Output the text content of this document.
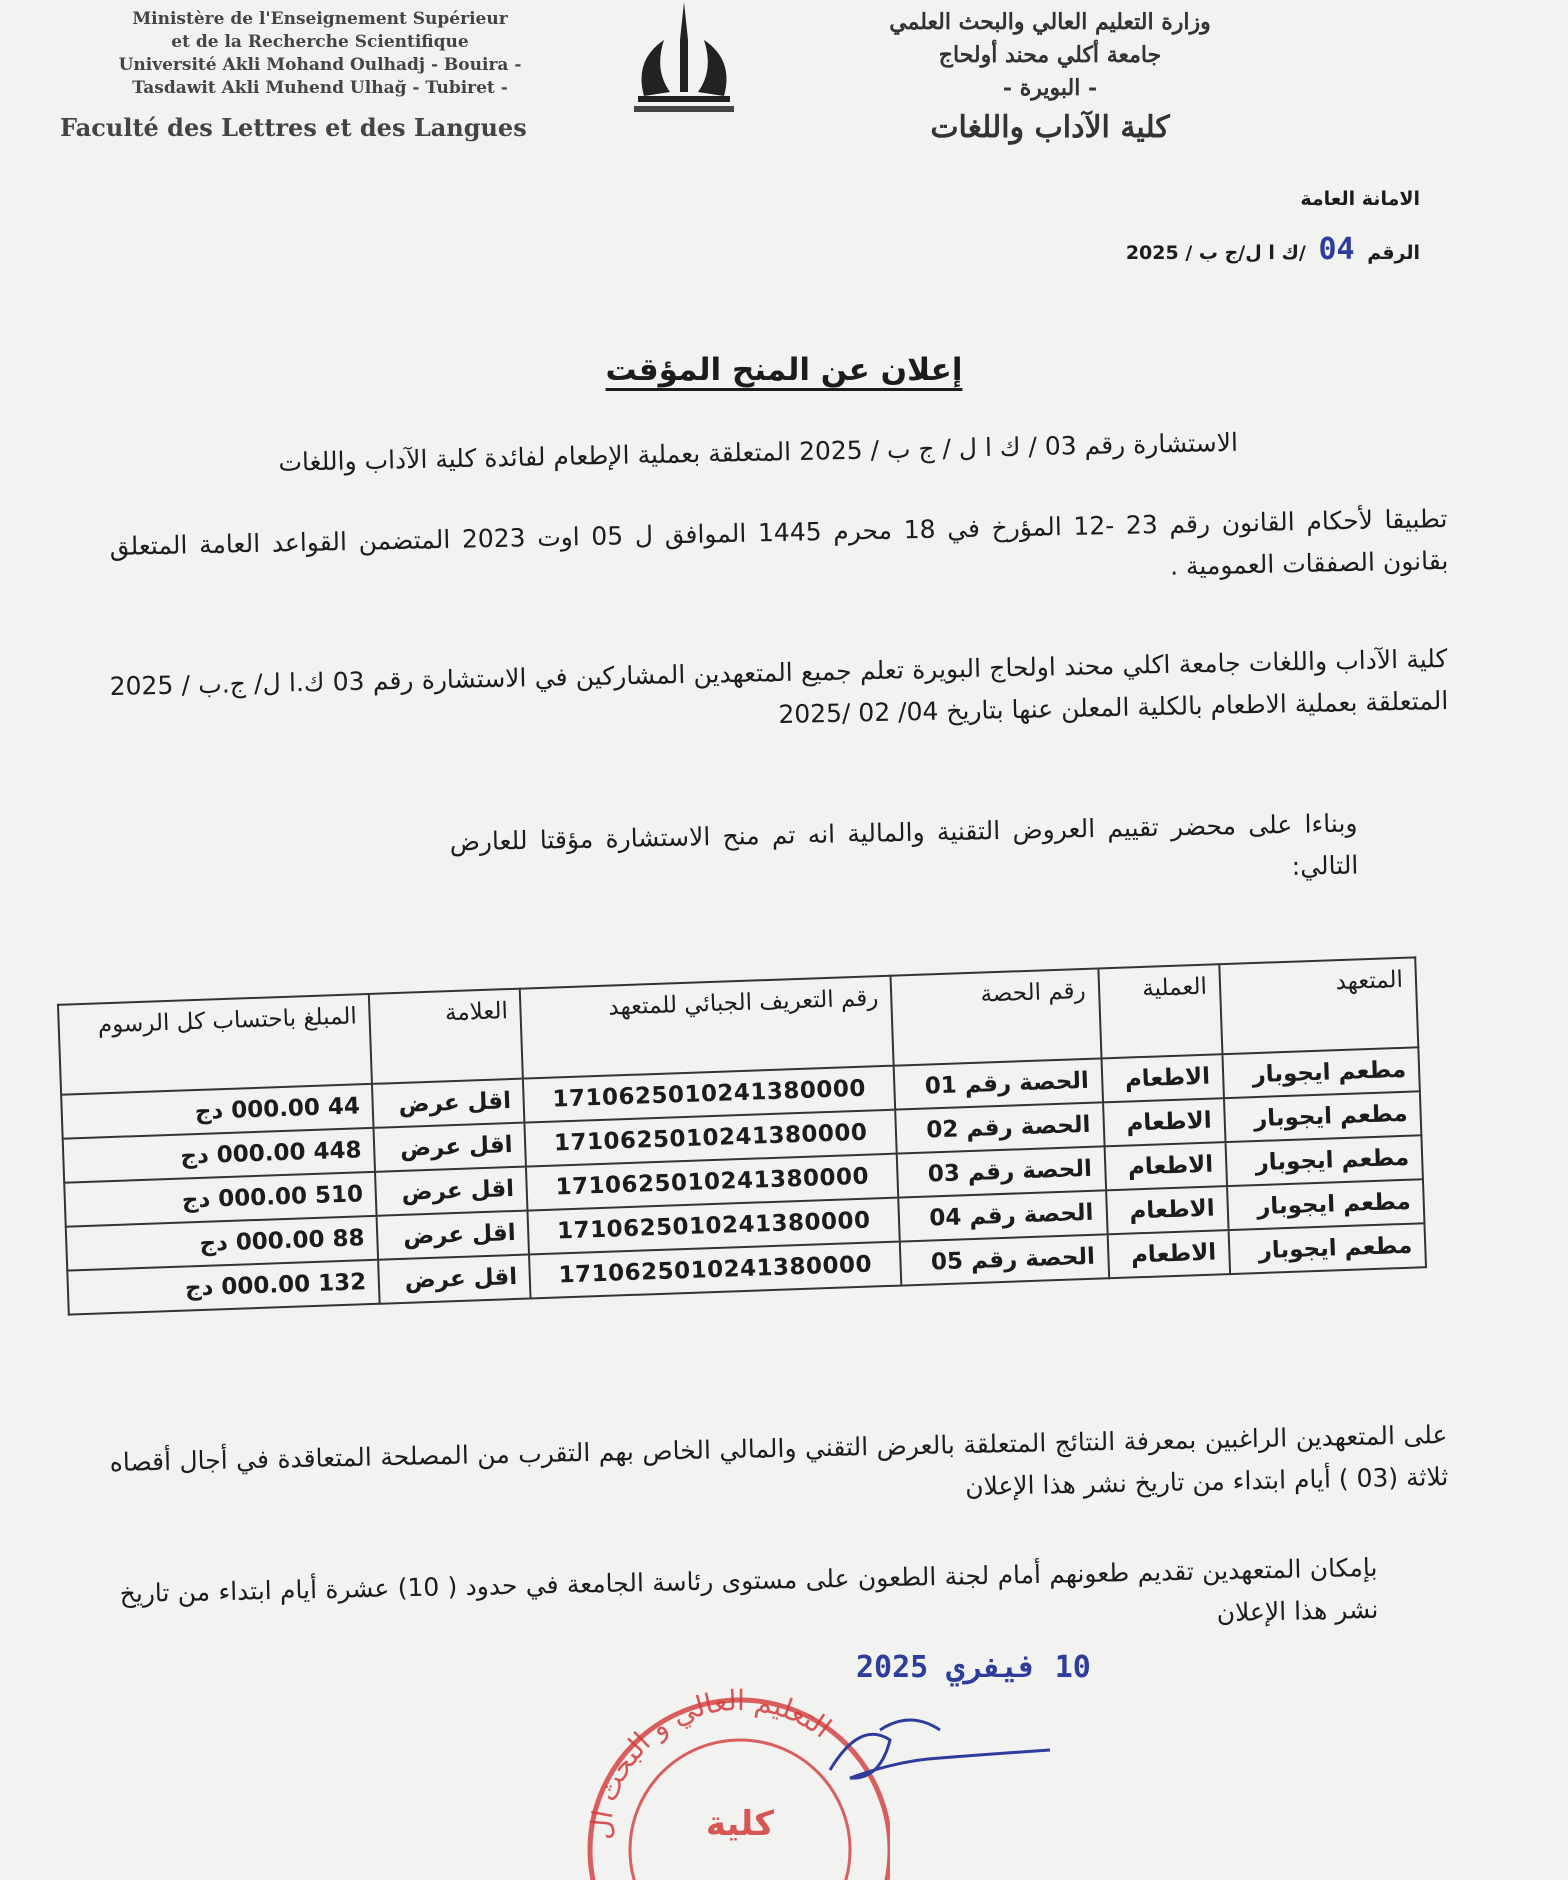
Ministère de l'Enseignement Supérieur
et de la Recherche Scientifique
Université Akli Mohand Oulhadj - Bouira -
Tasdawit Akli Muhend Ulhağ - Tubiret -
Faculté des Lettres et des Langues
وزارة التعليم العالي والبحث العلمي
جامعة أكلي محند أولحاج
- البويرة -
كلية الآداب واللغات
الامانة العامة
الرقم 04 /ك ا ل/ج ب / 2025
إعلان عن المنح المؤقت
الاستشارة رقم 03 / ك ا ل / ج ب / 2025 المتعلقة بعملية الإطعام لفائدة كلية الآداب واللغات
تطبيقا لأحكام القانون رقم 23 -12 المؤرخ في 18 محرم 1445 الموافق ل 05 اوت 2023 المتضمن القواعد العامة المتعلق بقانون الصفقات العمومية .
كلية الآداب واللغات جامعة اكلي محند اولحاج البويرة تعلم جميع المتعهدين المشاركين في الاستشارة رقم 03 ك.ا ل/ ج.ب / 2025 المتعلقة بعملية الاطعام بالكلية المعلن عنها بتاريخ 04/ 02 /2025
وبناءا على محضر تقييم العروض التقنية والمالية انه تم منح الاستشارة مؤقتا للعارض التالي:
المتعهد	العملية	رقم الحصة	رقم التعريف الجبائي للمتعهد	العلامة	المبلغ باحتساب كل الرسوم
مطعم ايجوبار	الاطعام	الحصة رقم 01	1710625010241380000	اقل عرض	44 000.00 دج
مطعم ايجوبار	الاطعام	الحصة رقم 02	1710625010241380000	اقل عرض	448 000.00 دج
مطعم ايجوبار	الاطعام	الحصة رقم 03	1710625010241380000	اقل عرض	510 000.00 دج
مطعم ايجوبار	الاطعام	الحصة رقم 04	1710625010241380000	اقل عرض	88 000.00 دج
مطعم ايجوبار	الاطعام	الحصة رقم 05	1710625010241380000	اقل عرض	132 000.00 دج
على المتعهدين الراغبين بمعرفة النتائج المتعلقة بالعرض التقني والمالي الخاص بهم التقرب من المصلحة المتعاقدة في أجال أقصاه ثلاثة (03 ) أيام ابتداء من تاريخ نشر هذا الإعلان
بإمكان المتعهدين تقديم طعونهم أمام لجنة الطعون على مستوى رئاسة الجامعة في حدود ( 10) عشرة أيام ابتداء من تاريخ نشر هذا الإعلان
التعليم العالي و البحث ال
كلية
10 فيفري 2025
